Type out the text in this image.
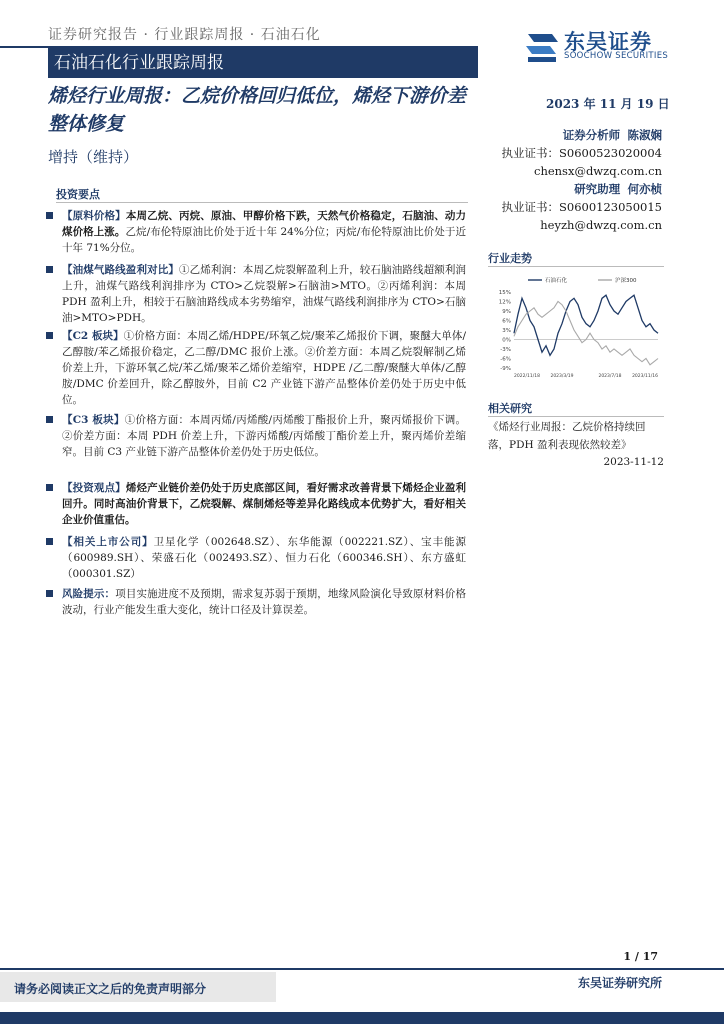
证券研究报告 · 行业跟踪周报 · 石油石化
石油石化行业跟踪周报
东吴证券
SOOCHOW SECURITIES
烯烃行业周报：乙烷价格回归低位，烯烃下游价差整体修复
增持（维持）
2023 年 11 月 19 日
证券分析师 陈淑娴
执业证书：S0600523020004
chensx@dwzq.com.cn
研究助理 何亦桢
执业证书：S0600123050015
heyzh@dwzq.com.cn
投资要点
【原料价格】本周乙烷、丙烷、原油、甲醇价格下跌，天然气价格稳定，石脑油、动力煤价格上涨。乙烷/布伦特原油比价处于近十年 24%分位；丙烷/布伦特原油比价处于近十年 71%分位。
【油煤气路线盈利对比】①乙烯利润：本周乙烷裂解盈利上升，较石脑油路线超额利润上升，油煤气路线利润排序为 CTO>乙烷裂解>石脑油>MTO。②丙烯利润：本周 PDH 盈利上升，相较于石脑油路线成本劣势缩窄，油煤气路线利润排序为 CTO>石脑油>MTO>PDH。
【C2 板块】①价格方面：本周乙烯/HDPE/环氧乙烷/聚苯乙烯报价下调，聚醚大单体/乙醇胺/苯乙烯报价稳定，乙二醇/DMC 报价上涨。②价差方面：本周乙烷裂解制乙烯价差上升，下游环氧乙烷/苯乙烯/聚苯乙烯价差缩窄，HDPE /乙二醇/聚醚大单体/乙醇胺/DMC 价差回升，除乙醇胺外，目前 C2 产业链下游产品整体价差仍处于历史中低位。
【C3 板块】①价格方面：本周丙烯/丙烯酸/丙烯酸丁酯报价上升，聚丙烯报价下调。②价差方面：本周 PDH 价差上升，下游丙烯酸/丙烯酸丁酯价差上升，聚丙烯价差缩窄。目前 C3 产业链下游产品整体价差仍处于历史低位。
【投资观点】烯烃产业链价差仍处于历史底部区间，看好需求改善背景下烯烃企业盈利回升。同时高油价背景下，乙烷裂解、煤制烯烃等差异化路线成本优势扩大，看好相关企业价值重估。
【相关上市公司】卫星化学（002648.SZ）、东华能源（002221.SZ）、宝丰能源（600989.SH）、荣盛石化（002493.SZ）、恒力石化（600346.SH）、东方盛虹（000301.SZ）
风险提示：项目实施进度不及预期，需求复苏弱于预期，地缘风险演化导致原材料价格波动，行业产能发生重大变化，统计口径及计算误差。
行业走势
15%
12%
9%
6%
3%
0%
-3%
-6%
-9%
2022/11/18 2023/3/19	2023/7/18 2023/11/16
石油石化	沪深300
相关研究
《烯烃行业周报：乙烷价格持续回落，PDH 盈利表现依然较差》
2023-11-12
1 / 17
请务必阅读正文之后的免责声明部分	东吴证券研究所
